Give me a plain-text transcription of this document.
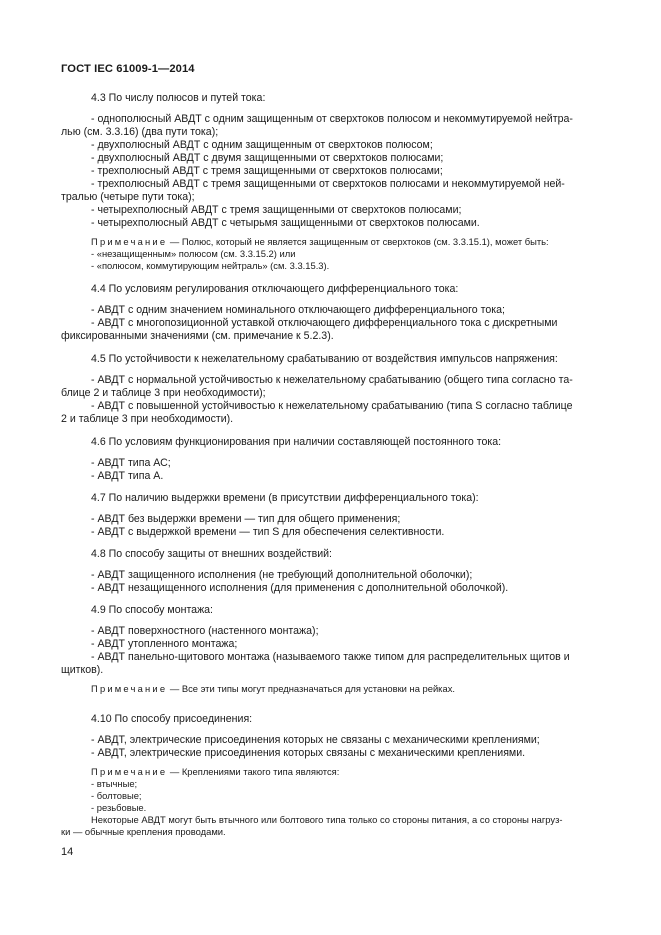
ГОСТ IEC 61009-1—2014
4.3 По числу полюсов и путей тока:
- однополюсный АВДТ с одним защищенным от сверхтоков полюсом и некоммутируемой нейтра-
лью (см. 3.3.16) (два пути тока);
- двухполюсный АВДТ с одним защищенным от сверхтоков полюсом;
- двухполюсный АВДТ с двумя защищенными от сверхтоков полюсами;
- трехполюсный АВДТ с тремя защищенными от сверхтоков полюсами;
- трехполюсный АВДТ с тремя защищенными от сверхтоков полюсами и некоммутируемой ней-
тралью (четыре пути тока);
- четырехполюсный АВДТ с тремя защищенными от сверхтоков полюсами;
- четырехполюсный АВДТ с четырьмя защищенными от сверхтоков полюсами.
Примечание — Полюс, который не является защищенным от сверхтоков (см. 3.3.15.1), может быть:
- «незащищенным» полюсом (см. 3.3.15.2) или
- «полюсом, коммутирующим нейтраль» (см. 3.3.15.3).
4.4 По условиям регулирования отключающего дифференциального тока:
- АВДТ с одним значением номинального отключающего дифференциального тока;
- АВДТ с многопозиционной уставкой отключающего дифференциального тока с дискретными
фиксированными значениями (см. примечание к 5.2.3).
4.5 По устойчивости к нежелательному срабатыванию от воздействия импульсов напряжения:
- АВДТ с нормальной устойчивостью к нежелательному срабатыванию (общего типа согласно та-
блице 2 и таблице 3 при необходимости);
- АВДТ с повышенной устойчивостью к нежелательному срабатыванию (типа S согласно таблице
2 и таблице 3 при необходимости).
4.6 По условиям функционирования при наличии составляющей постоянного тока:
- АВДТ типа АС;
- АВДТ типа А.
4.7 По наличию выдержки времени (в присутствии дифференциального тока):
- АВДТ без выдержки времени — тип для общего применения;
- АВДТ с выдержкой времени — тип S для обеспечения селективности.
4.8 По способу защиты от внешних воздействий:
- АВДТ защищенного исполнения (не требующий дополнительной оболочки);
- АВДТ незащищенного исполнения (для применения с дополнительной оболочкой).
4.9 По способу монтажа:
- АВДТ поверхностного (настенного монтажа);
- АВДТ утопленного монтажа;
- АВДТ панельно-щитового монтажа (называемого также типом для распределительных щитов и
щитков).
Примечание — Все эти типы могут предназначаться для установки на рейках.
4.10 По способу присоединения:
- АВДТ, электрические присоединения которых не связаны с механическими креплениями;
- АВДТ, электрические присоединения которых связаны с механическими креплениями.
Примечание — Креплениями такого типа являются:
- втычные;
- болтовые;
- резьбовые.
Некоторые АВДТ могут быть втычного или болтового типа только со стороны питания, а со стороны нагруз-
ки — обычные крепления проводами.
14
